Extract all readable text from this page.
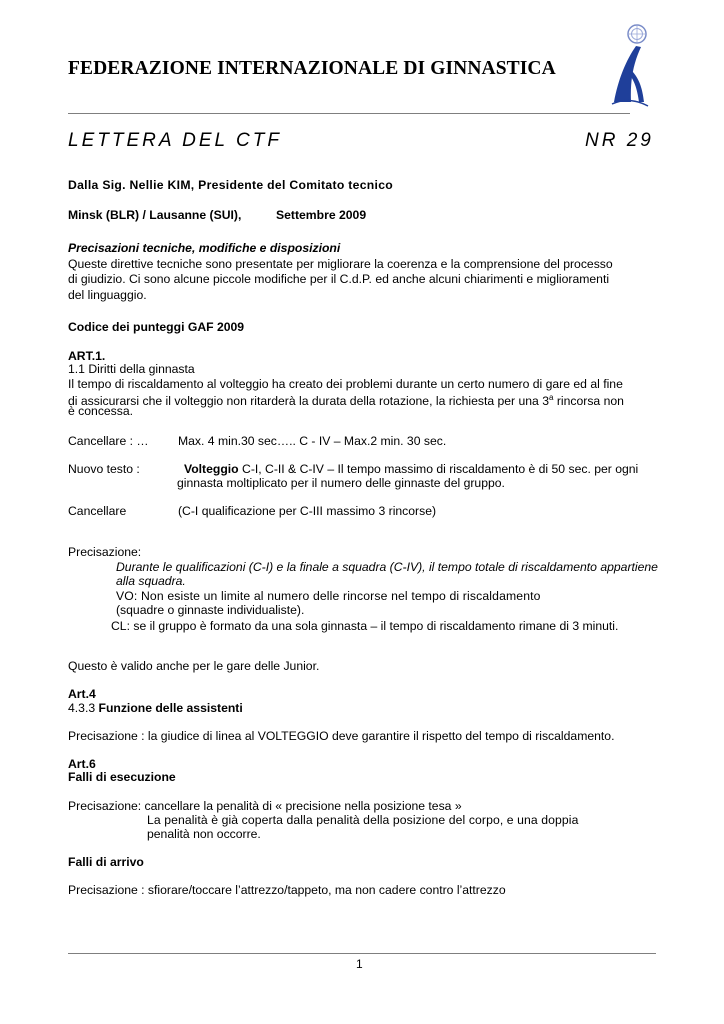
FEDERAZIONE INTERNAZIONALE DI GINNASTICA
LETTERA DEL CTF	NR 29
Dalla Sig. Nellie KIM, Presidente del Comitato tecnico
Minsk (BLR) / Lausanne (SUI),	Settembre 2009
Precisazioni tecniche, modifiche e disposizioni
Queste direttive tecniche sono presentate per migliorare la coerenza e la comprensione del processo
di giudizio. Ci sono alcune piccole modifiche per il C.d.P. ed anche alcuni chiarimenti e miglioramenti
del linguaggio.
Codice dei punteggi GAF 2009
ART.1.
1.1 Diritti della ginnasta
Il tempo di riscaldamento al volteggio ha creato dei problemi durante un certo numero di gare ed al fine
di assicurarsi che il volteggio non ritarderà la durata della rotazione, la richiesta per una 3$^a$ rincorsa non
è concessa.
Cancellare : … Max. 4 min.30 sec….. C - IV – Max.2 min. 30 sec.
Nuovo testo :	Volteggio C-I, C-II & C-IV – Il tempo massimo di riscaldamento è di 50 sec. per ogni
ginnasta moltiplicato per il numero delle ginnaste del gruppo.
Cancellare	(C-I qualificazione per C-III massimo 3 rincorse)
Precisazione:
Durante le qualificazioni (C-I) e la finale a squadra (C-IV), il tempo totale di riscaldamento appartiene
alla squadra.
VO: Non esiste un limite al numero delle rincorse nel tempo di riscaldamento
(squadre o ginnaste individualiste).
CL: se il gruppo è formato da una sola ginnasta – il tempo di riscaldamento rimane di 3 minuti.
Questo è valido anche per le gare delle Junior.
Art.4
4.3.3 Funzione delle assistenti
Precisazione : la giudice di linea al VOLTEGGIO deve garantire il rispetto del tempo di riscaldamento.
Art.6
Falli di esecuzione
Precisazione: cancellare la penalità di « precisione nella posizione tesa »
La penalità è già coperta dalla penalità della posizione del corpo, e una doppia
penalità non occorre.
Falli di arrivo
Precisazione : sfiorare/toccare l’attrezzo/tappeto, ma non cadere contro l’attrezzo
1
